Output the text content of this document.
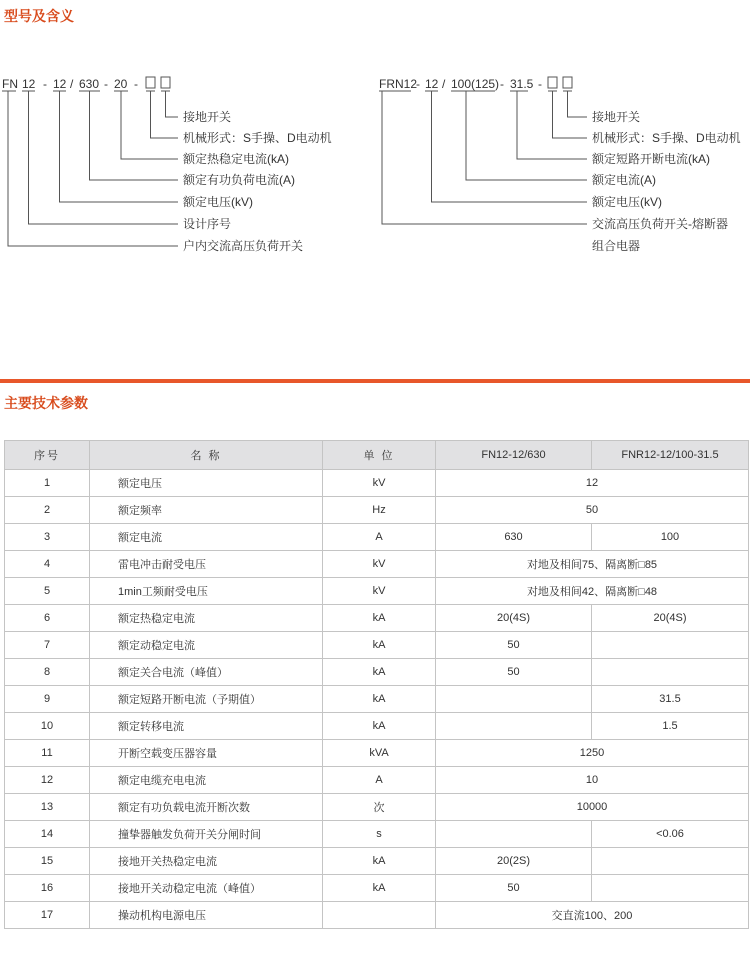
型号及含义
FN 12 - 12 / 630 - 20 -
接地开关
机械形式：S手操、D电动机
额定热稳定电流(kA)
额定有功负荷电流(A)
额定电压(kV)
设计序号
户内交流高压负荷开关
FRN12
- 12 / 100(125) - 31.5 -
接地开关
机械形式：S手操、D电动机
额定短路开断电流(kA)
额定电流(A)
额定电压(kV)
交流高压负荷开关-熔断器
组合电器
主要技术参数
序号	名 称	单 位	FN12-12/630	FNR12-12/100-31.5
1	额定电压	kV	12	
2	额定频率	Hz	50	
3	额定电流	A	630	100
4	雷电冲击耐受电压	kV	对地及相间75、隔离断□85	
5	1min工频耐受电压	kV	对地及相间42、隔离断□48	
6	额定热稳定电流	kA	20(4S)	20(4S)
7	额定动稳定电流	kA	50	
8	额定关合电流（峰值）	kA	50	
9	额定短路开断电流（予期值）	kA		31.5
10	额定转移电流	kA		1.5
11	开断空载变压器容量	kVA	1250	
12	额定电缆充电电流	A	10	
13	额定有功负载电流开断次数	次	10000	
14	撞挚器触发负荷开关分闸时间	s		<0.06
15	接地开关热稳定电流	kA	20(2S)	
16	接地开关动稳定电流（峰值）	kA	50	
17	操动机构电源电压		交直流100、200	
